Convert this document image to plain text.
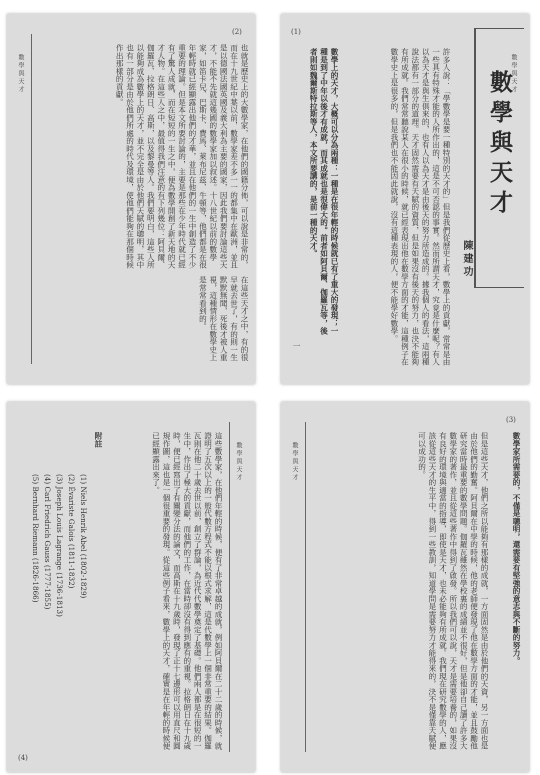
數學與天才
(2)
也就是歷史上的大數學家，在他們的國籍分佈，可以說是非常的，而在十九世紀中葉以前，數學家差不多一一的都集中在歐洲，並且是以德國法國英國及義大利為主要的國家，因此我們要討論這些天才，不能不先就這幾國的數學家加以叙述。十八世紀以前的數學家，如笛卡兒、巴斯卡、費馬、萊布尼茲、牛頓等，他們都是在很年輕時就已經顯露出他們的才華，並且在他們的一生中創造了不少重要的理論。但是本文所要討論的，主要是那些在少年時代就已經有了驚人成就，而在短短的一生之中，便為數學開創了新天地的天才人物。在這些人之中，最值得我們注意的有下列幾位：阿貝爾、伽羅瓦、拉格朗日、高斯，以及黎曼等人。我們要明白，這些人所以能夠成為數學上的天才，並不完全是由於他們天賦的聰明，其中也有一部分是由於他們所處的時代及環境，使他們能夠在那個時候作出那樣的貢獻。
在這些天才之中，有的很早就去世了，有的則一生默默無聞，死後才被人重視，這種情形在數學史上是常常看到的。
數學與天才
(1)
數學與天才
陳建功
許多人說：「學數學是要一種特別的天才的」但是我們從歷史上看，數學上的貢獻，常常是由一些具有特殊才能的人所作出的，這是不可否認的事實。然而所謂天才，究竟是什麼呢？有人以為天才是與生俱來的，也有人以為天才是由後天的努力所造成的。據我個人的看法，這兩種說法都有一部分的道理。天才固然需要有天賦的資質，但是如果沒有後天的努力，也決不能夠有所成就。我們常常聽說某人在很小的時候，就已經表現出他在數學方面的才能，這種例子在數學史上是很多的，但是我們也不能因此就說，沒有這種表現的人，便不能學好數學。
數學上的天才，大概可以分為兩種：一種是在很年輕的時候就已有了重大的發現；一種是到了中年以後才有成就，而其成就也是很偉大的。前者如阿貝爾、伽羅瓦等，後者則如魏爾斯特拉斯等人，本文所要講的，是前一種的天才。
一
數學與天才
(4)
這些數學家，在他們年輕的時候，便有了非常卓越的成就，例如阿貝爾在二十二歲的時候，就證明了五次以上的一般代數方程式不能以根式求解，這是代數學上一個非常重要的結果。伽羅瓦則在他二十歲去世以前，創立了群論，為近代代數學奠定了基礎。他們兩人都是在很短的一生中，作出了極大的貢獻，而他們的工作，在當時卻沒有得到應有的重視。拉格朗日在十九歲時，便已經寫出了有關變分法的論文，而高斯在十九歲時，發現了正十七邊形可以用直尺和圓規作圖，這也是一個很重要的發現。從這些例子看來，數學上的天才，確實是在年輕的時候便已經顯露出來了。
附註
(1) Niels Henrik Abel (1802-1829)
(2) Évariste Galois (1811-1832)
(3) Joseph Louis Lagrange (1736-1813)
(4) Carl Friedrich Gauss (1777-1855)
(5) Bernhard Riemann (1826-1866)
數學與天才
(3)
但是這些天才，他們之所以能夠有那樣的成就，一方面固然是由於他們的天資，另一方面也是由於他們的勤奮。阿貝爾在中學的時候，他的老師便發現了他在數學方面的才能，並且鼓勵他研究當時最重要的數學問題。伽羅瓦雖然在學校裏的成績並不很好，但是他卻自己讀了許多大數學家的著作，並且從這些著作中得到了啟發。所以我們可以說，天才是需要培養的，如果沒有良好的環境與適當的指導，即使是天才，也未必能夠有所成就。我們現在研究數學的人，應該從這些天才的生平中，得到一些教訓，知道學問是需要努力才能得來的，決不是僅靠天賦便可以成功的。	數學家所需要的，不僅是聰明，還需要有堅強的意志與不斷的努力。
